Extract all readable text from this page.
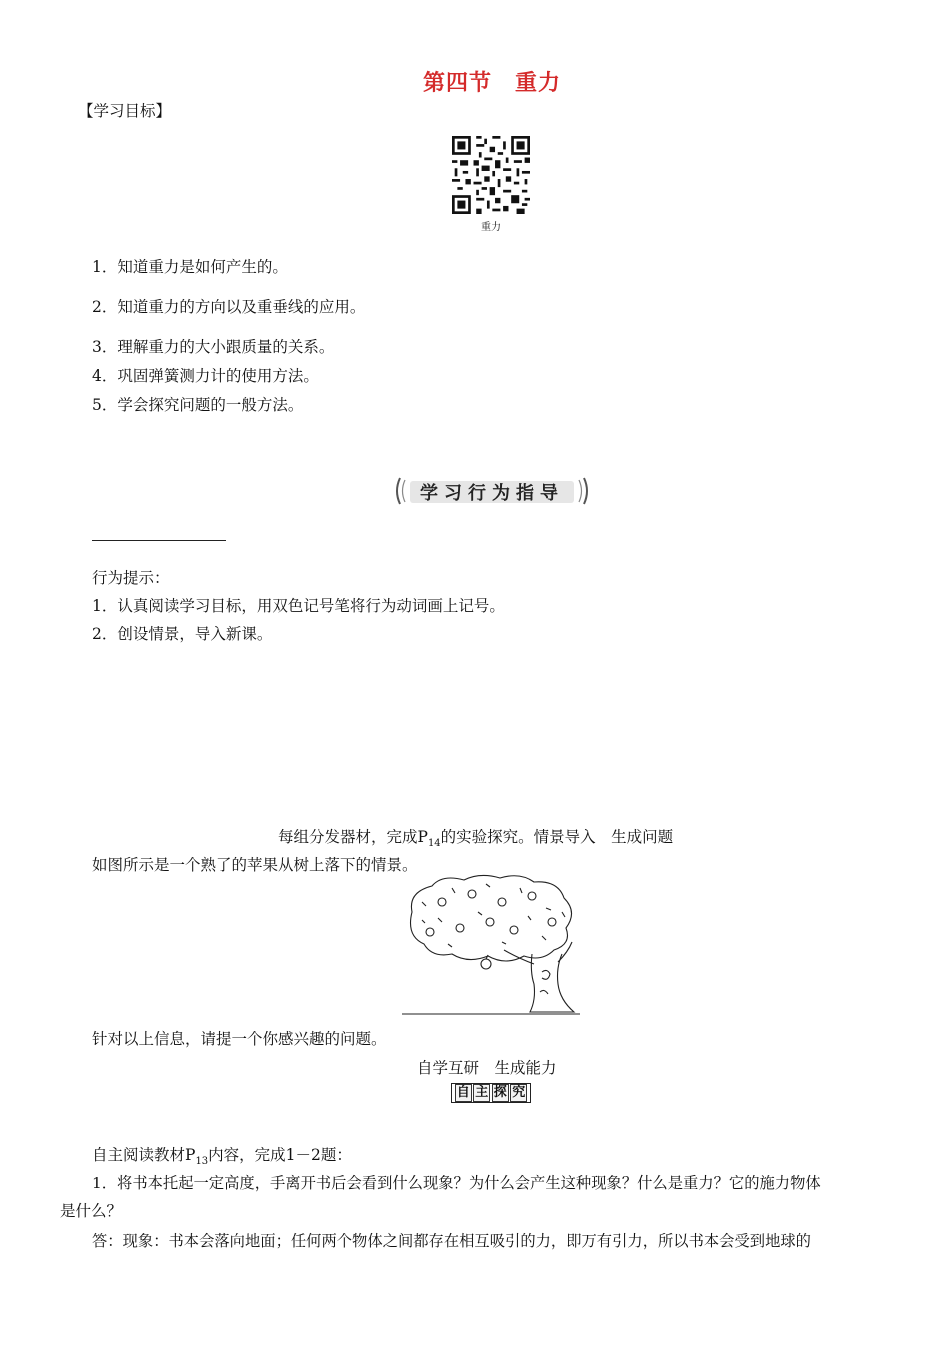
第四节　重力
【学习目标】
重力
1．知道重力是如何产生的。
2．知道重力的方向以及重垂线的应用。
3．理解重力的大小跟质量的关系。
4．巩固弹簧测力计的使用方法。
5．学会探究问题的一般方法。
学习行为指导
行为提示：
1．认真阅读学习目标，用双色记号笔将行为动词画上记号。
2．创设情景，导入新课。
每组分发器材，完成$P_{14}$的实验探究。情景导入　生成问题
如图所示是一个熟了的苹果从树上落下的情景。
针对以上信息，请提一个你感兴趣的问题。
自学互研　生成能力
自 主 探 究
自主阅读教材$P_{13}$内容，完成1－2题：
1．将书本托起一定高度，手离开书后会看到什么现象？为什么会产生这种现象？什么是重力？它的施力物体
是什么？
答：现象：书本会落向地面；任何两个物体之间都存在相互吸引的力，即万有引力，所以书本会受到地球的
